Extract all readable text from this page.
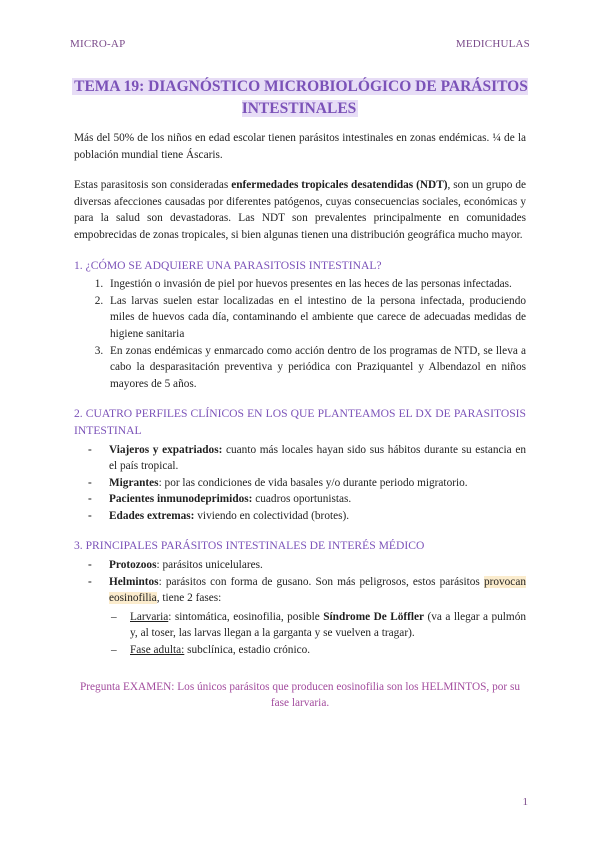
MICRO-AP	MEDICHULAS
TEMA 19: DIAGNÓSTICO MICROBIOLÓGICO DE PARÁSITOS INTESTINALES

Más del 50% de los niños en edad escolar tienen parásitos intestinales en zonas endémicas. ¼ de la población mundial tiene Áscaris.

Estas parasitosis son consideradas enfermedades tropicales desatendidas (NDT), son un grupo de diversas afecciones causadas por diferentes patógenos, cuyas consecuencias sociales, económicas y para la salud son devastadoras. Las NDT son prevalentes principalmente en comunidades empobrecidas de zonas tropicales, si bien algunas tienen una distribución geográfica mucho mayor.

1. ¿CÓMO SE ADQUIERE UNA PARASITOSIS INTESTINAL?
1. Ingestión o invasión de piel por huevos presentes en las heces de las personas infectadas.
2. Las larvas suelen estar localizadas en el intestino de la persona infectada, produciendo miles de huevos cada día, contaminando el ambiente que carece de adecuadas medidas de higiene sanitaria
3. En zonas endémicas y enmarcado como acción dentro de los programas de NTD, se lleva a cabo la desparasitación preventiva y periódica con Praziquantel y Albendazol en niños mayores de 5 años.
2. CUATRO PERFILES CLÍNICOS EN LOS QUE PLANTEAMOS EL DX DE PARASITOSIS INTESTINAL
- Viajeros y expatriados: cuanto más locales hayan sido sus hábitos durante su estancia en el país tropical.
- Migrantes: por las condiciones de vida basales y/o durante periodo migratorio.
- Pacientes inmunodeprimidos: cuadros oportunistas.
- Edades extremas: viviendo en colectividad (brotes).
3. PRINCIPALES PARÁSITOS INTESTINALES DE INTERÉS MÉDICO
- Protozoos: parásitos unicelulares.
- Helmintos: parásitos con forma de gusano. Son más peligrosos, estos parásitos provocan eosinofilia, tiene 2 fases:
– Larvaria: sintomática, eosinofilia, posible Síndrome De Löffler (va a llegar a pulmón y, al toser, las larvas llegan a la garganta y se vuelven a tragar).
– Fase adulta: subclínica, estadio crónico.
Pregunta EXAMEN: Los únicos parásitos que producen eosinofilia son los HELMINTOS, por su fase larvaria.
1
